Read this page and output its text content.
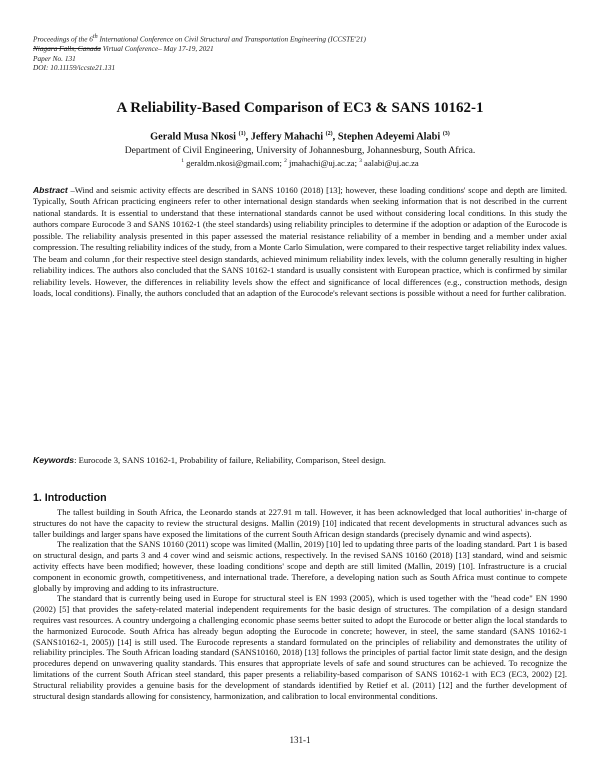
Proceedings of the 6th International Conference on Civil Structural and Transportation Engineering (ICCSTE'21)
Niagara Falls, Canada Virtual Conference– May 17-19, 2021
Paper No. 131
DOI: 10.11159/iccste21.131
A Reliability-Based Comparison of EC3 & SANS 10162-1
Gerald Musa Nkosi $^{(1)}$, Jeffery Mahachi $^{(2)}$, Stephen Adeyemi Alabi $^{(3)}$
Department of Civil Engineering, University of Johannesburg, Johannesburg, South Africa.
$^1$ geraldm.nkosi@gmail.com; $^2$ jmahachi@uj.ac.za; $^3$ aalabi@uj.ac.za
Abstract –Wind and seismic activity effects are described in SANS 10160 (2018) [13]; however, these loading conditions' scope and depth are limited. Typically, South African practicing engineers refer to other international design standards when seeking information that is not described in the current national standards. It is essential to understand that these international standards cannot be used without considering local conditions. In this study the authors compare Eurocode 3 and SANS 10162-1 (the steel standards) using reliability principles to determine if the adoption or adaption of the Eurocode is possible. The reliability analysis presented in this paper assessed the material resistance reliability of a member in bending and a member under axial compression. The resulting reliability indices of the study, from a Monte Carlo Simulation, were compared to their respective target reliability index values. The beam and column ,for their respective steel design standards, achieved minimum reliability index levels, with the column generally resulting in higher reliability indices. The authors also concluded that the SANS 10162-1 standard is usually consistent with European practice, which is confirmed by similar reliability levels. However, the differences in reliability levels show the effect and significance of local differences (e.g., construction methods, design loads, local conditions). Finally, the authors concluded that an adaption of the Eurocode's relevant sections is possible without a need for further calibration.
Keywords: Eurocode 3, SANS 10162-1, Probability of failure, Reliability, Comparison, Steel design.
1. Introduction

The tallest building in South Africa, the Leonardo stands at 227.91 m tall. However, it has been acknowledged that local authorities' in-charge of structures do not have the capacity to review the structural designs. Mallin (2019) [10] indicated that recent developments in structural advances such as taller buildings and larger spans have exposed the limitations of the current South African design standards (precisely dynamic and wind aspects).

The realization that the SANS 10160 (2011) scope was limited (Mallin, 2019) [10] led to updating three parts of the loading standard. Part 1 is based on structural design, and parts 3 and 4 cover wind and seismic actions, respectively. In the revised SANS 10160 (2018) [13] standard, wind and seismic activity effects have been modified; however, these loading conditions' scope and depth are still limited (Mallin, 2019) [10]. Infrastructure is a crucial component in economic growth, competitiveness, and international trade. Therefore, a developing nation such as South Africa must continue to compete globally by improving and adding to its infrastructure.

The standard that is currently being used in Europe for structural steel is EN 1993 (2005), which is used together with the "head code" EN 1990 (2002) [5] that provides the safety-related material independent requirements for the basic design of structures. The compilation of a design standard requires vast resources. A country undergoing a challenging economic phase seems better suited to adopt the Eurocode or better align the local standards to the harmonized Eurocode. South Africa has already begun adopting the Eurocode in concrete; however, in steel, the same standard (SANS 10162-1 (SANS10162-1, 2005)) [14] is still used. The Eurocode represents a standard formulated on the principles of reliability and demonstrates the utility of reliability principles. The South African loading standard (SANS10160, 2018) [13] follows the principles of partial factor limit state design, and the design procedures depend on unwavering quality standards. This ensures that appropriate levels of safe and sound structures can be achieved. To recognize the limitations of the current South African steel standard, this paper presents a reliability-based comparison of SANS 10162-1 with EC3 (EC3, 2002) [2]. Structural reliability provides a genuine basis for the development of standards identified by Retief et al. (2011) [12] and the further development of structural design standards allowing for consistency, harmonization, and calibration to local environmental conditions.

131-1
